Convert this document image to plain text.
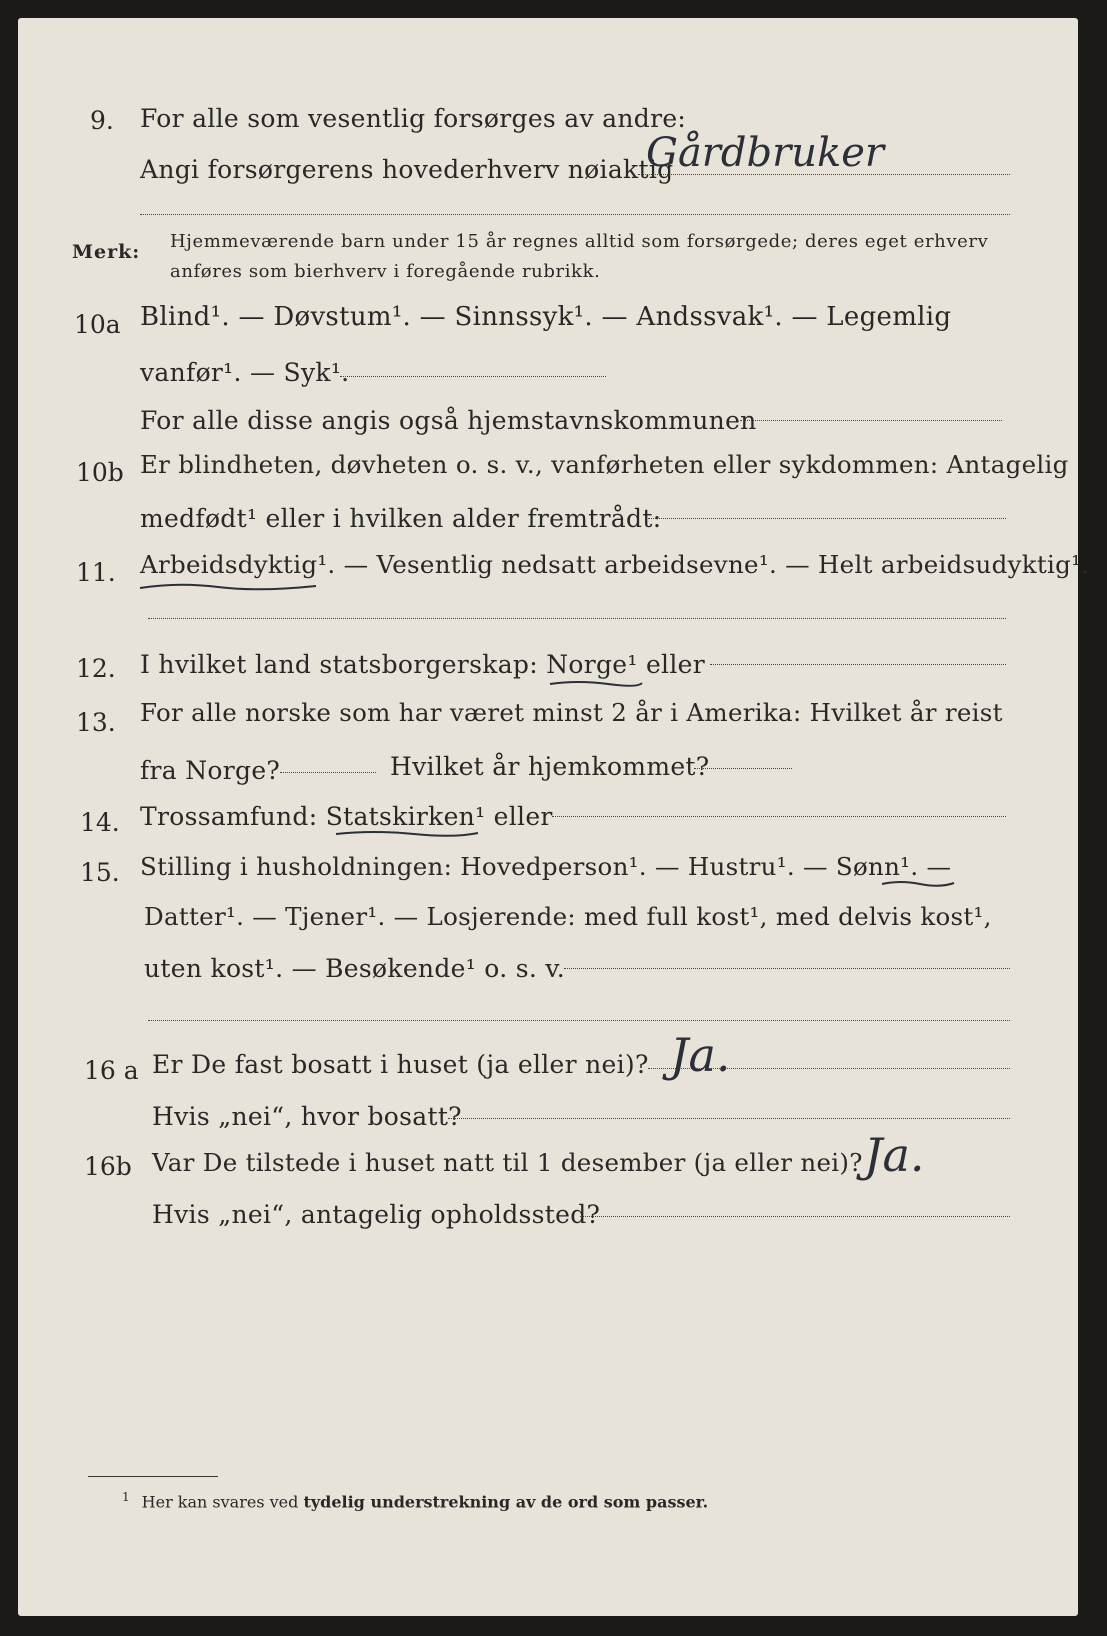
9. For alle som vesentlig forsørges av andre:
Angi forsørgerens hovederhverv nøiaktig
Gårdbruker
Merk: Hjemmeværende barn under 15 år regnes alltid som forsørgede; deres eget erhverv
anføres som bierhverv i foregående rubrikk.
10a Blind¹. — Døvstum¹. — Sinnssyk¹. — Andssvak¹. — Legemlig
vanfør¹. — Syk¹.
For alle disse angis også hjemstavnskommunen
10b Er blindheten, døvheten o. s. v., vanførheten eller sykdommen: Antagelig
medfødt¹ eller i hvilken alder fremtrådt:
11. Arbeidsdyktig¹. — Vesentlig nedsatt arbeidsevne¹. — Helt arbeidsudyktig¹.
12. I hvilket land statsborgerskap: Norge¹ eller
13. For alle norske som har været minst 2 år i Amerika: Hvilket år reist
fra Norge?	Hvilket år hjemkommet?
14. Trossamfund: Statskirken¹ eller
15. Stilling i husholdningen: Hovedperson¹. — Hustru¹. — Sønn¹. —
Datter¹. — Tjener¹. — Losjerende: med full kost¹, med delvis kost¹,
uten kost¹. — Besøkende¹ o. s. v.
16 a Er De fast bosatt i huset (ja eller nei)? Ja.
Hvis „nei“, hvor bosatt?
16b Var De tilstede i huset natt til 1 desember (ja eller nei)? Ja.
Hvis „nei“, antagelig opholdssted?
$^1$ Her kan svares ved tydelig understrekning av de ord som passer.
